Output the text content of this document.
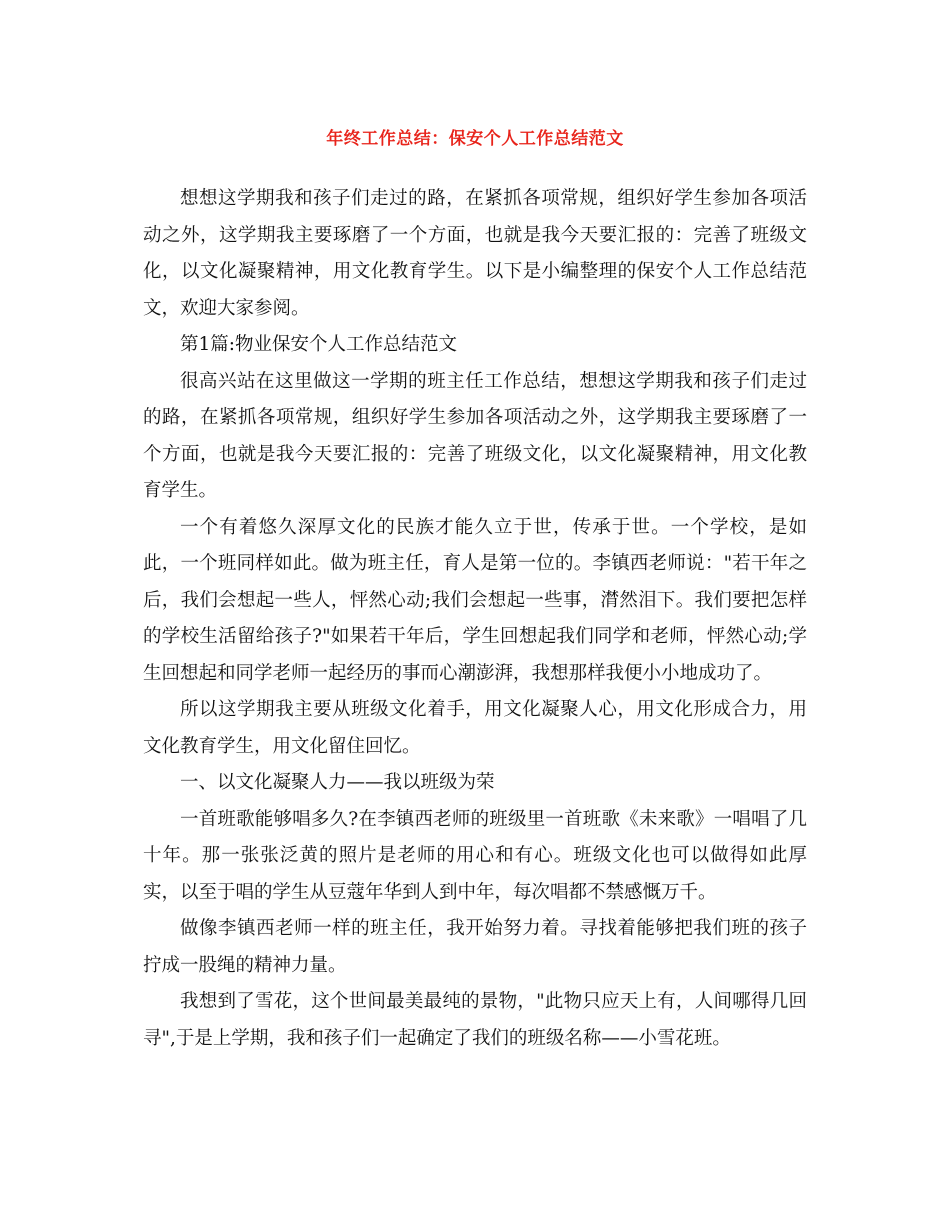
年终工作总结：保安个人工作总结范文

想想这学期我和孩子们走过的路，在紧抓各项常规，组织好学生参加各项活动之外，这学期我主要琢磨了一个方面，也就是我今天要汇报的：完善了班级文化，以文化凝聚精神，用文化教育学生。以下是小编整理的保安个人工作总结范文，欢迎大家参阅。

第1篇:物业保安个人工作总结范文

很高兴站在这里做这一学期的班主任工作总结，想想这学期我和孩子们走过的路，在紧抓各项常规，组织好学生参加各项活动之外，这学期我主要琢磨了一个方面，也就是我今天要汇报的：完善了班级文化，以文化凝聚精神，用文化教育学生。

一个有着悠久深厚文化的民族才能久立于世，传承于世。一个学校，是如此，一个班同样如此。做为班主任，育人是第一位的。李镇西老师说："若干年之后，我们会想起一些人，怦然心动;我们会想起一些事，潸然泪下。我们要把怎样的学校生活留给孩子?"如果若干年后，学生回想起我们同学和老师，怦然心动;学生回想起和同学老师一起经历的事而心潮澎湃，我想那样我便小小地成功了。

所以这学期我主要从班级文化着手，用文化凝聚人心，用文化形成合力，用文化教育学生，用文化留住回忆。

一、以文化凝聚人力——我以班级为荣

一首班歌能够唱多久?在李镇西老师的班级里一首班歌《未来歌》一唱唱了几十年。那一张张泛黄的照片是老师的用心和有心。班级文化也可以做得如此厚实，以至于唱的学生从豆蔻年华到人到中年，每次唱都不禁感慨万千。

做像李镇西老师一样的班主任，我开始努力着。寻找着能够把我们班的孩子拧成一股绳的精神力量。

我想到了雪花，这个世间最美最纯的景物，"此物只应天上有，人间哪得几回寻",于是上学期，我和孩子们一起确定了我们的班级名称——小雪花班。
